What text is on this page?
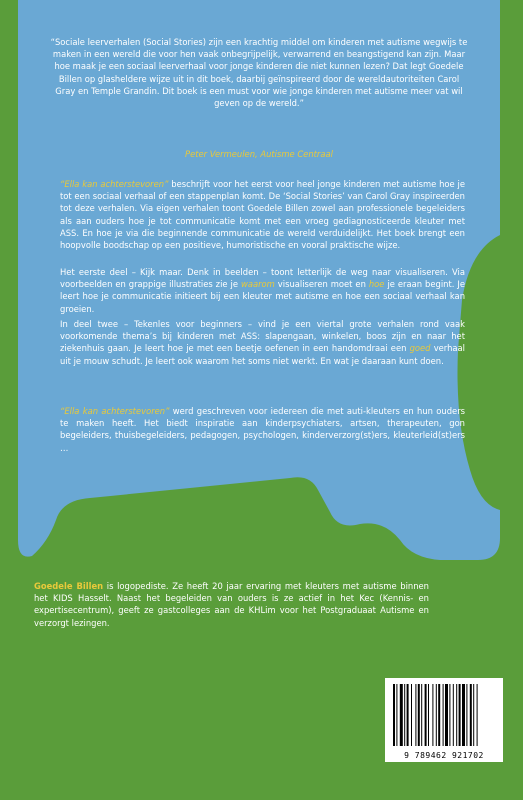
“Sociale leerverhalen (Social Stories) zijn een krachtig middel om kinderen met autisme wegwijs te maken in een wereld die voor hen vaak onbegrijpelijk, verwarrend en beangstigend kan zijn. Maar hoe maak je een sociaal leerverhaal voor jonge kinderen die niet kunnen lezen? Dat legt Goedele Billen op glasheldere wijze uit in dit boek, daarbij geïnspireerd door de wereldautoriteiten Carol Gray en Temple Grandin. Dit boek is een must voor wie jonge kinderen met autisme meer vat wil geven op de wereld.”

Peter Vermeulen, Autisme Centraal

“Ella kan achterstevoren” beschrijft voor het eerst voor heel jonge kinderen met autisme hoe je tot een sociaal verhaal of een stappenplan komt. De ‘Social Stories’ van Carol Gray inspireerden tot deze verhalen. Via eigen verhalen toont Goedele Billen zowel aan professionele begeleiders als aan ouders hoe je tot communicatie komt met een vroeg gediagnosticeerde kleuter met ASS. En hoe je via die beginnende communicatie de wereld verduidelijkt. Het boek brengt een hoopvolle boodschap op een positieve, humoristische en vooral praktische wijze.

Het eerste deel – Kijk maar. Denk in beelden – toont letterlijk de weg naar visualiseren. Via voorbeelden en grappige illustraties zie je waarom visualiseren moet en hoe je eraan begint. Je leert hoe je communicatie initieert bij een kleuter met autisme en hoe een sociaal verhaal kan groeien.

In deel twee – Tekenles voor beginners – vind je een viertal grote verhalen rond vaak voorkomende thema’s bij kinderen met ASS: slapengaan, winkelen, boos zijn en naar het ziekenhuis gaan. Je leert hoe je met een beetje oefenen in een handomdraai een goed verhaal uit je mouw schudt. Je leert ook waarom het soms niet werkt. En wat je daaraan kunt doen.

“Ella kan achterstevoren” werd geschreven voor iedereen die met auti-kleuters en hun ouders te maken heeft. Het biedt inspiratie aan kinderpsychiaters, artsen, therapeuten, gon begeleiders, thuisbegeleiders, pedagogen, psychologen, kinderverzorg(st)ers, kleuterleid(st)ers …

Goedele Billen is logopediste. Ze heeft 20 jaar ervaring met kleuters met autisme binnen het KIDS Hasselt. Naast het begeleiden van ouders is ze actief in het Kec (Kennis- en expertisecentrum), geeft ze gastcolleges aan de KHLim voor het Postgraduaat Autisme en verzorgt lezingen.

9 789462 921702
